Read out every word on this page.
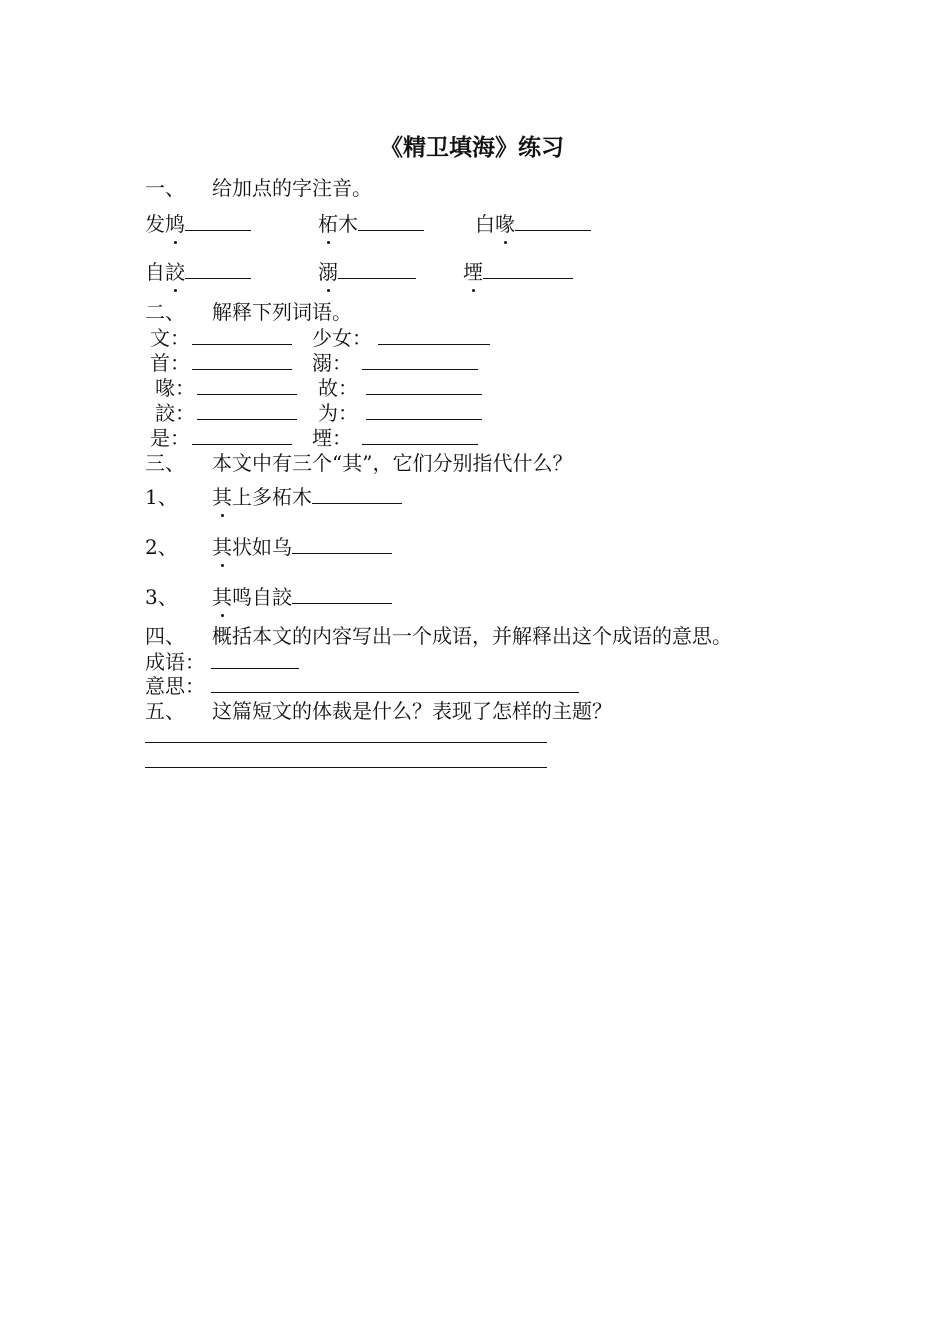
《精卫填海》练习
一、 给加点的字注音。
发鸠	柘木	白喙
自詨	溺	堙
二、 解释下列词语。
文：	少女：
首：	溺：
喙：	故：
詨：	为：
是：	堙：
三、 本文中有三个“其”，它们分别指代什么？
1、 其上多柘木
2、 其状如乌
3、 其鸣自詨
四、 概括本文的内容写出一个成语，并解释出这个成语的意思。
成语：
意思：
五、 这篇短文的体裁是什么？表现了怎样的主题？
